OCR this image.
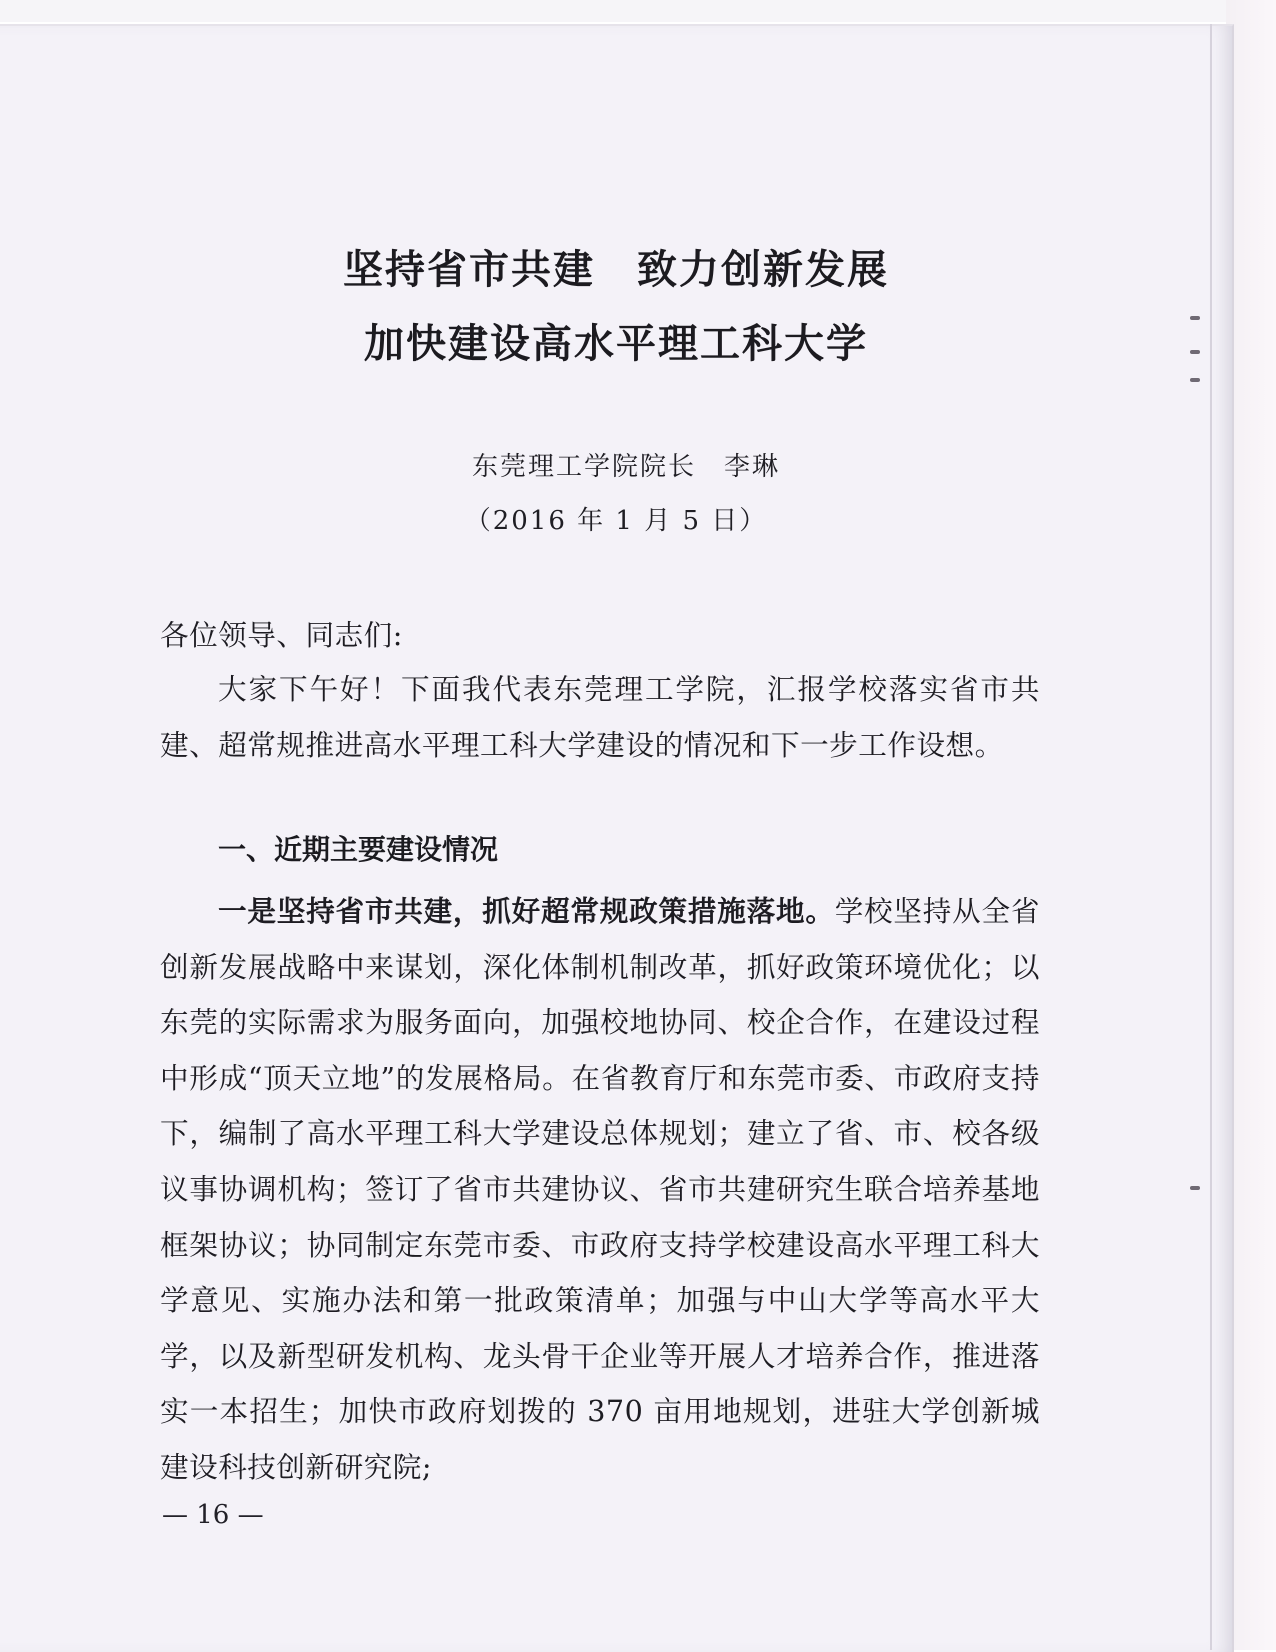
坚持省市共建　致力创新发展
加快建设高水平理工科大学
东莞理工学院院长　李琳
（2016 年 1 月 5 日）
各位领导、同志们:
大家下午好！下面我代表东莞理工学院，汇报学校落实省市共建、超常规推进高水平理工科大学建设的情况和下一步工作设想。
一、近期主要建设情况
一是坚持省市共建，抓好超常规政策措施落地。学校坚持从全省创新发展战略中来谋划，深化体制机制改革，抓好政策环境优化；以东莞的实际需求为服务面向，加强校地协同、校企合作，在建设过程中形成“顶天立地”的发展格局。在省教育厅和东莞市委、市政府支持下，编制了高水平理工科大学建设总体规划；建立了省、市、校各级议事协调机构；签订了省市共建协议、省市共建研究生联合培养基地框架协议；协同制定东莞市委、市政府支持学校建设高水平理工科大学意见、实施办法和第一批政策清单；加强与中山大学等高水平大学，以及新型研发机构、龙头骨干企业等开展人才培养合作，推进落实一本招生；加快市政府划拨的 370 亩用地规划，进驻大学创新城建设科技创新研究院;
— 16 —
